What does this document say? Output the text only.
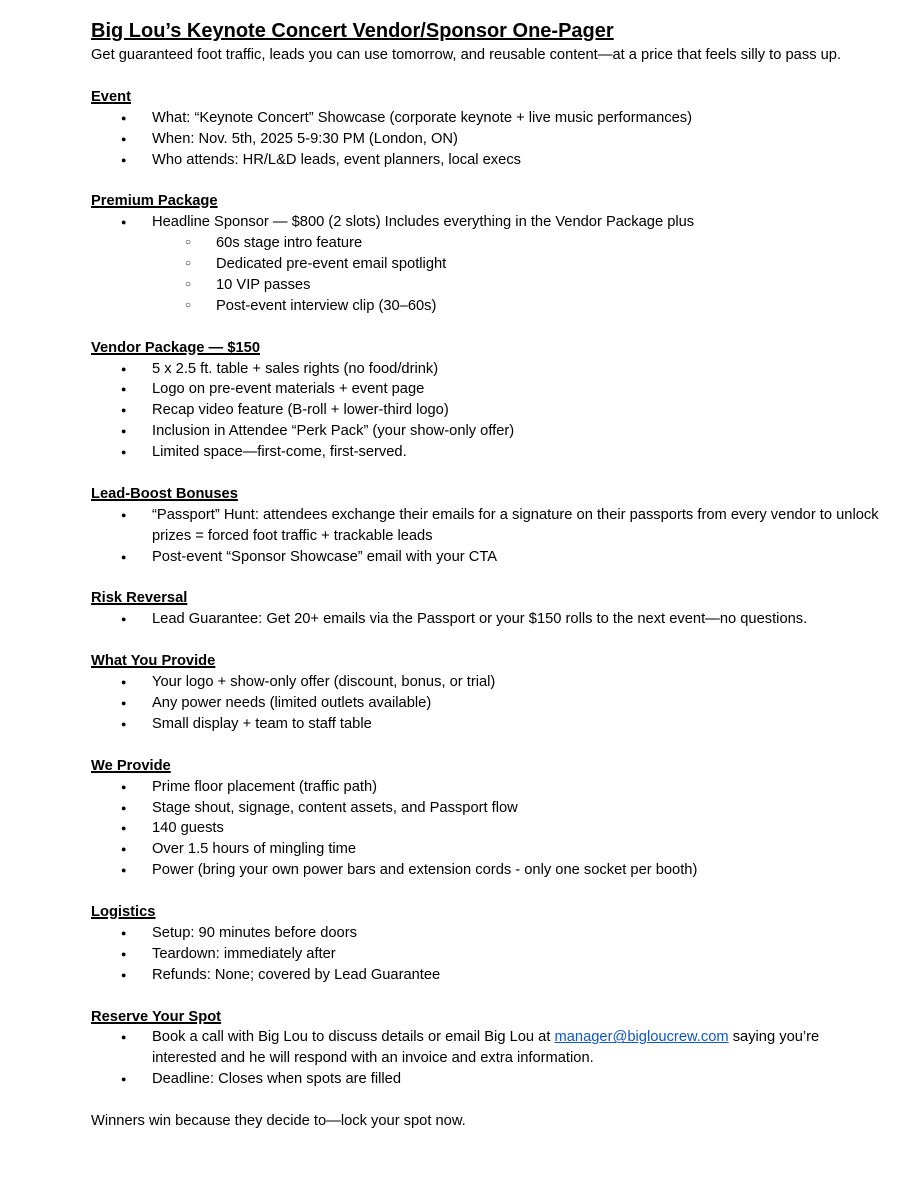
Big Lou’s Keynote Concert Vendor/Sponsor One-Pager

Get guaranteed foot traffic, leads you can use tomorrow, and reusable content—at a price that feels silly to pass up.

Event
● What: “Keynote Concert” Showcase (corporate keynote + live music performances)
● When: Nov. 5th, 2025 5-9:30 PM (London, ON)
● Who attends: HR/L&D leads, event planners, local execs
Premium Package
● Headline Sponsor — $800 (2 slots) Includes everything in the Vendor Package plus
○ 60s stage intro feature
○ Dedicated pre-event email spotlight
○ 10 VIP passes
○ Post-event interview clip (30–60s)
Vendor Package — $150
● 5 x 2.5 ft. table + sales rights (no food/drink)
● Logo on pre-event materials + event page
● Recap video feature (B-roll + lower-third logo)
● Inclusion in Attendee “Perk Pack” (your show-only offer)
● Limited space—first-come, first-served.
Lead-Boost Bonuses
● “Passport” Hunt: attendees exchange their emails for a signature on their passports from every vendor to unlock prizes = forced foot traffic + trackable leads
● Post-event “Sponsor Showcase” email with your CTA
Risk Reversal
● Lead Guarantee: Get 20+ emails via the Passport or your $150 rolls to the next event—no questions.
What You Provide
● Your logo + show-only offer (discount, bonus, or trial)
● Any power needs (limited outlets available)
● Small display + team to staff table
We Provide
● Prime floor placement (traffic path)
● Stage shout, signage, content assets, and Passport flow
● 140 guests
● Over 1.5 hours of mingling time
● Power (bring your own power bars and extension cords - only one socket per booth)
Logistics
● Setup: 90 minutes before doors
● Teardown: immediately after
● Refunds: None; covered by Lead Guarantee
Reserve Your Spot
● Book a call with Big Lou to discuss details or email Big Lou at manager@bigloucrew.com saying you’re interested and he will respond with an invoice and extra information.
● Deadline: Closes when spots are filled

Winners win because they decide to—lock your spot now.
